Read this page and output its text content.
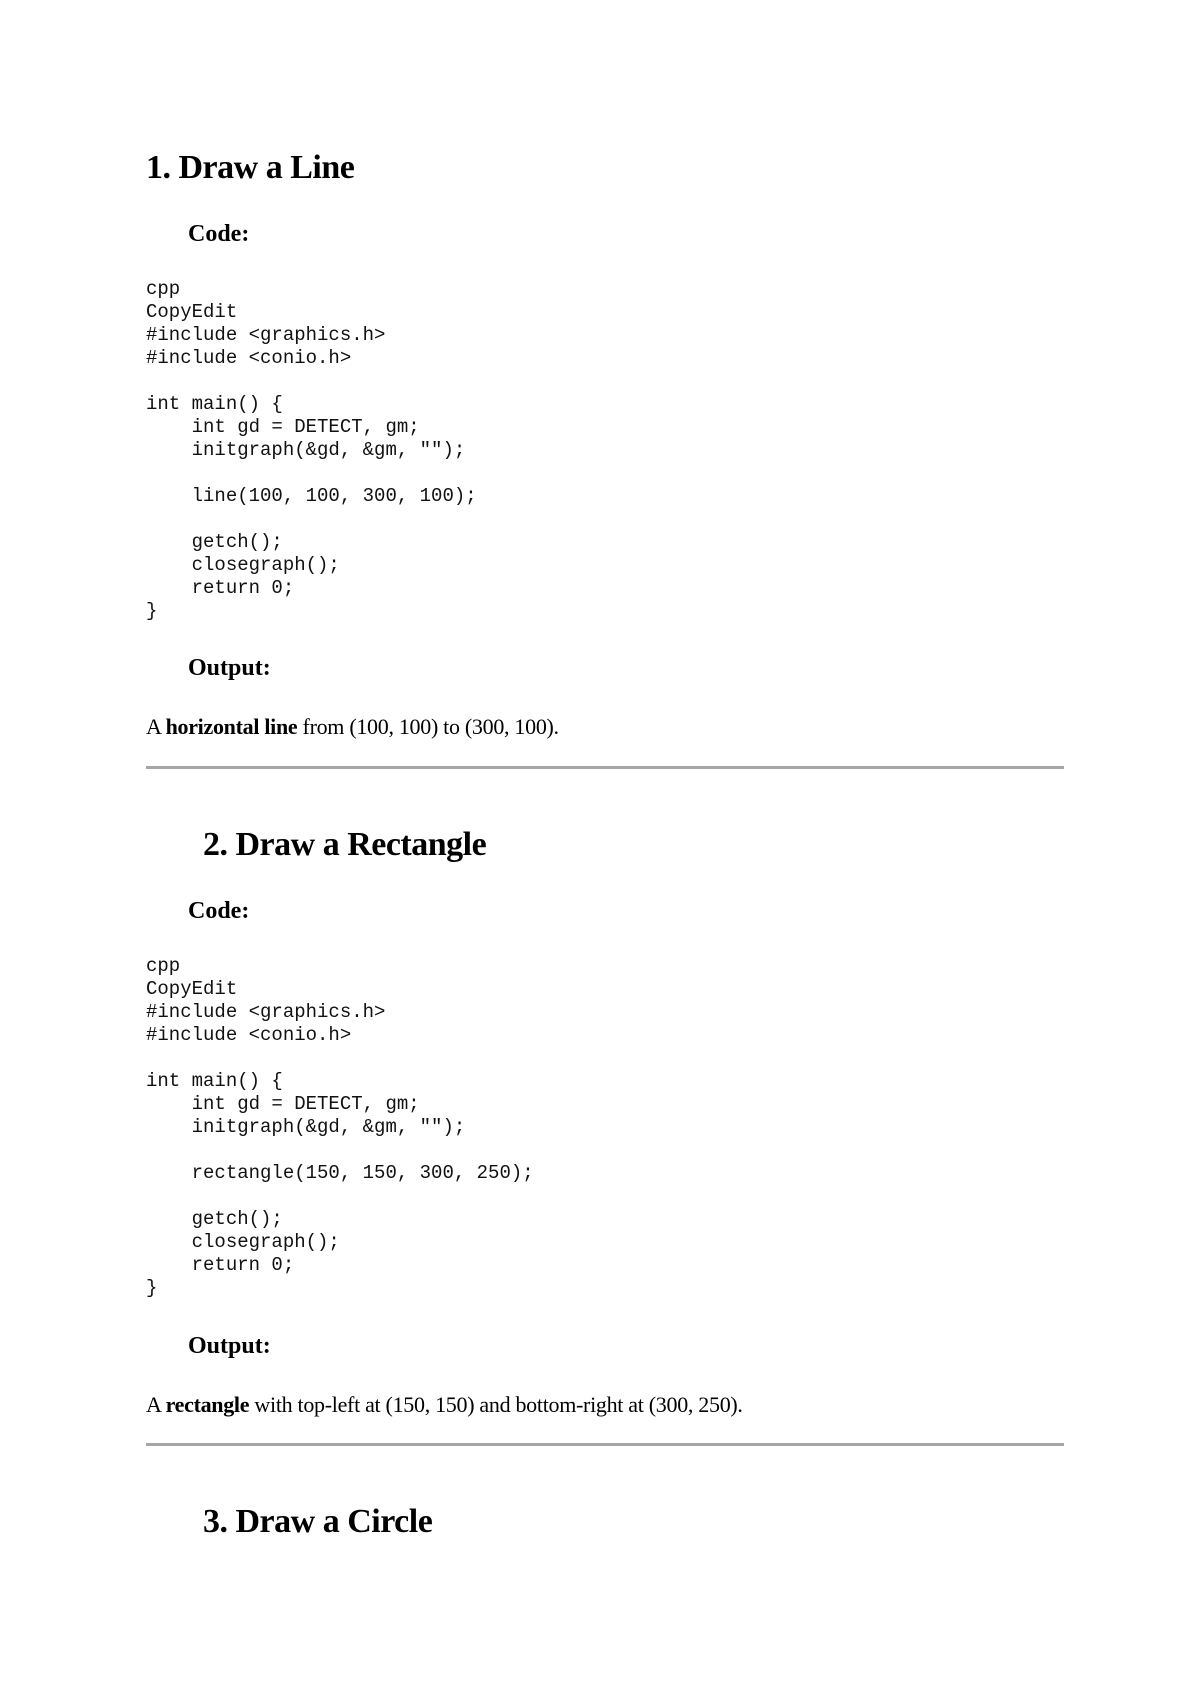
1. Draw a Line
Code:
cpp
CopyEdit
#include <graphics.h>
#include <conio.h>

int main() {
int gd = DETECT, gm;
initgraph(&gd, &gm, "");

line(100, 100, 300, 100);

getch();
closegraph();
return 0;
}
Output:

A horizontal line from (100, 100) to (300, 100).

2. Draw a Rectangle
Code:
cpp
CopyEdit
#include <graphics.h>
#include <conio.h>

int main() {
int gd = DETECT, gm;
initgraph(&gd, &gm, "");

rectangle(150, 150, 300, 250);

getch();
closegraph();
return 0;
}
Output:

A rectangle with top-left at (150, 150) and bottom-right at (300, 250).

3. Draw a Circle
